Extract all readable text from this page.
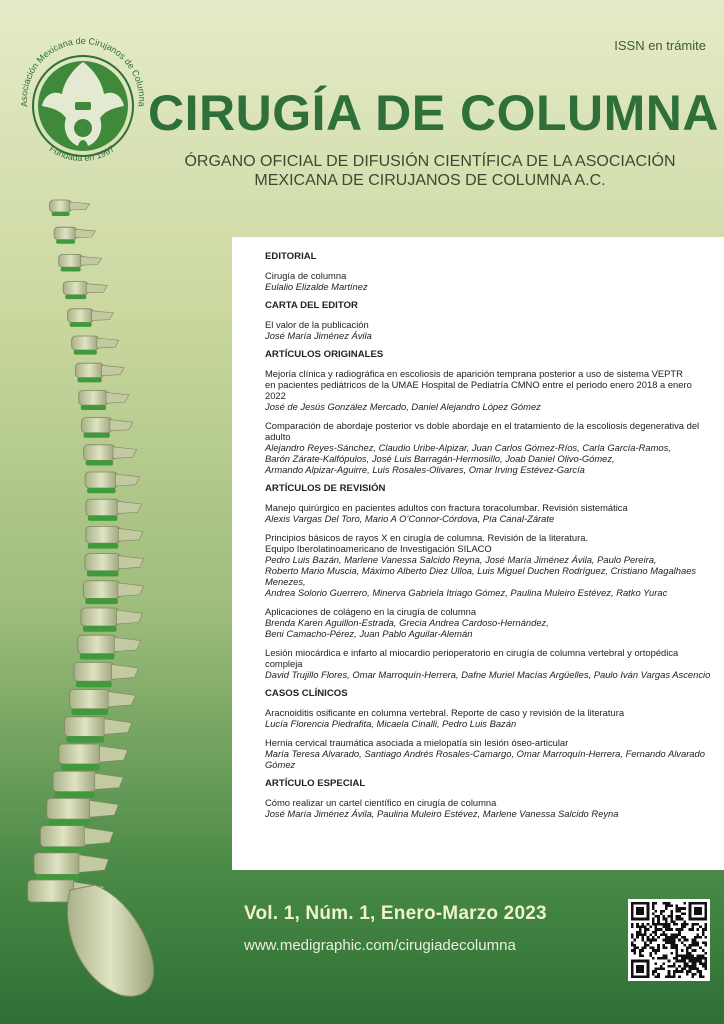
ISSN en trámite
Asociación Mexicana de Cirujanos de Columna
Fundada en 1997
CIRUGÍA DE COLUMNA
ÓRGANO OFICIAL DE DIFUSIÓN CIENTÍFICA DE LA ASOCIACIÓN
MEXICANA DE CIRUJANOS DE COLUMNA A.C.
EDITORIAL
Cirugía de columna
Eulalio Elizalde Martínez
CARTA DEL EDITOR
El valor de la publicación
José María Jiménez Ávila
ARTÍCULOS ORIGINALES
Mejoría clínica y radiográfica en escoliosis de aparición temprana posterior a uso de sistema VEPTR
en pacientes pediátricos de la UMAE Hospital de Pediatría CMNO entre el periodo enero 2018 a enero 2022
José de Jesús González Mercado, Daniel Alejandro López Gómez
Comparación de abordaje posterior vs doble abordaje en el tratamiento de la escoliosis degenerativa del adulto
Alejandro Reyes-Sánchez, Claudio Uribe-Alpizar, Juan Carlos Gómez-Ríos, Carla García-Ramos,
Barón Zárate-Kalfópulos, José Luis Barragán-Hermosillo, Joab Daniel Olivo-Gómez,
Armando Alpizar-Aguirre, Luis Rosales-Olivares, Omar Irving Estévez-García
ARTÍCULOS DE REVISIÓN
Manejo quirúrgico en pacientes adultos con fractura toracolumbar. Revisión sistemática
Alexis Vargas Del Toro, Mario A O’Connor-Córdova, Pía Canal-Zárate
Principios básicos de rayos X en cirugía de columna. Revisión de la literatura.
Equipo Iberolatinoamericano de Investigación SILACO
Pedro Luis Bazán, Marlene Vanessa Salcido Reyna, José María Jiménez Ávila, Paulo Pereira,
Roberto Mario Muscia, Máximo Alberto Diez Ulloa, Luis Miguel Duchen Rodríguez, Cristiano Magalhaes Menezes,
Andrea Solorio Guerrero, Minerva Gabriela Itriago Gómez, Paulina Muleiro Estévez, Ratko Yurac
Aplicaciones de colágeno en la cirugía de columna
Brenda Karen Aguillon-Estrada, Grecia Andrea Cardoso-Hernández,
Beni Camacho-Pérez, Juan Pablo Aguilar-Alemán
Lesión miocárdica e infarto al miocardio perioperatorio en cirugía de columna vertebral y ortopédica compleja
David Trujillo Flores, Omar Marroquín-Herrera, Dafne Muriel Macías Argüelles, Paulo Iván Vargas Ascencio
CASOS CLÍNICOS
Aracnoiditis osificante en columna vertebral. Reporte de caso y revisión de la literatura
Lucía Florencia Piedrafita, Micaela Cinalli, Pedro Luis Bazán
Hernia cervical traumática asociada a mielopatía sin lesión óseo-articular
María Teresa Alvarado, Santiago Andrés Rosales-Camargo, Omar Marroquín-Herrera, Fernando Alvarado Gómez
ARTÍCULO ESPECIAL
Cómo realizar un cartel científico en cirugía de columna
José María Jiménez Ávila, Paulina Muleiro Estévez, Marlene Vanessa Salcido Reyna
Vol. 1, Núm. 1, Enero-Marzo 2023
www.medigraphic.com/cirugiadecolumna
